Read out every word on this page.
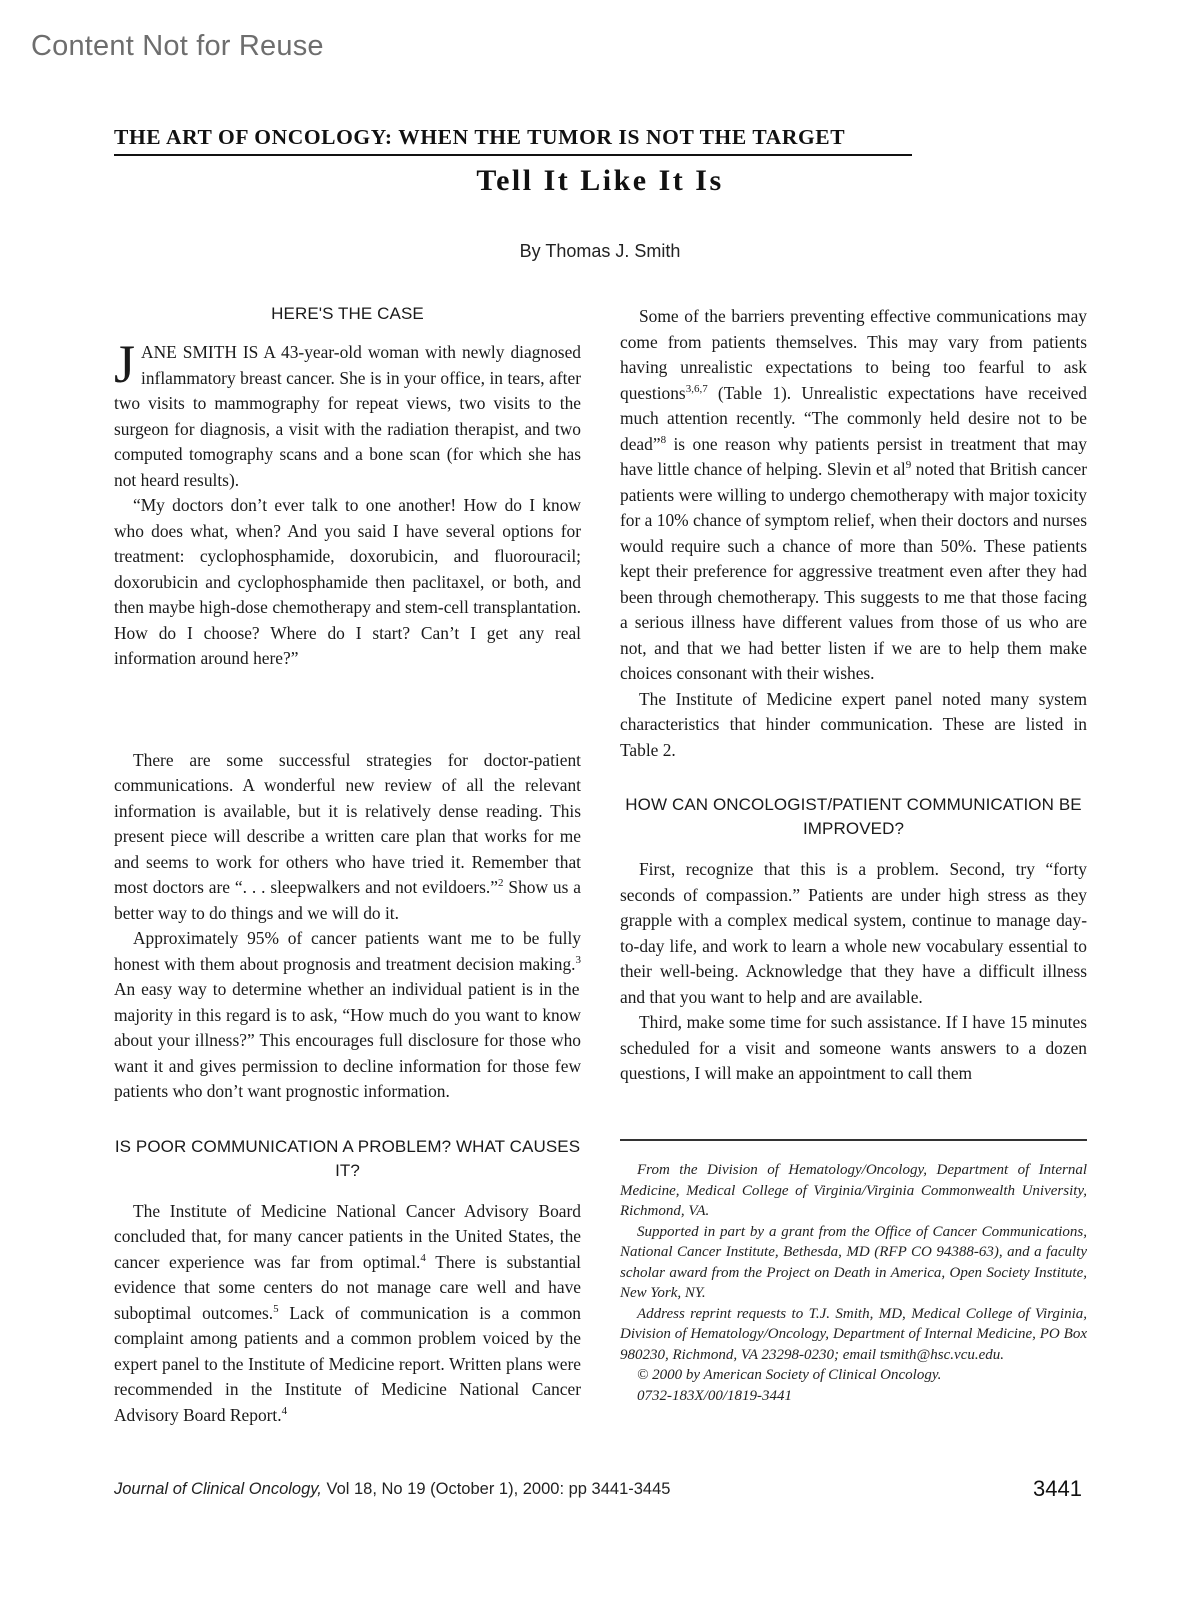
Content Not for Reuse
THE ART OF ONCOLOGY: WHEN THE TUMOR IS NOT THE TARGET
Tell It Like It Is
By Thomas J. Smith
HERE'S THE CASE

JANE SMITH IS A 43-year-old woman with newly diagnosed inflammatory breast cancer. She is in your office, in tears, after two visits to mammography for repeat views, two visits to the surgeon for diagnosis, a visit with the radiation therapist, and two computed tomography scans and a bone scan (for which she has not heard results).

“My doctors don’t ever talk to one another! How do I know who does what, when? And you said I have several options for treatment: cyclophosphamide, doxorubicin, and fluorouracil; doxorubicin and cyclophosphamide then paclitaxel, or both, and then maybe high-dose chemotherapy and stem-cell transplantation. How do I choose? Where do I start? Can’t I get any real information around here?”

There are some successful strategies for doctor-patient communications. A wonderful new review of all the relevant information is available, but it is relatively dense reading. This present piece will describe a written care plan that works for me and seems to work for others who have tried it. Remember that most doctors are “. . . sleepwalkers and not evildoers.”$^2$ Show us a better way to do things and we will do it.

Approximately 95% of cancer patients want me to be fully honest with them about prognosis and treatment decision making.$^3$ An easy way to determine whether an individual patient is in the majority in this regard is to ask, “How much do you want to know about your illness?” This encourages full disclosure for those who want it and gives permission to decline information for those few patients who don’t want prognostic information.

IS POOR COMMUNICATION A PROBLEM? WHAT CAUSES IT?

The Institute of Medicine National Cancer Advisory Board concluded that, for many cancer patients in the United States, the cancer experience was far from optimal.$^4$ There is substantial evidence that some centers do not manage care well and have suboptimal outcomes.$^5$ Lack of communication is a common complaint among patients and a common problem voiced by the expert panel to the Institute of Medicine report. Written plans were recommended in the Institute of Medicine National Cancer Advisory Board Report.$^4$

Some of the barriers preventing effective communications may come from patients themselves. This may vary from patients having unrealistic expectations to being too fearful to ask questions$^{3,6,7}$ (Table 1). Unrealistic expectations have received much attention recently. “The commonly held desire not to be dead”$^8$ is one reason why patients persist in treatment that may have little chance of helping. Slevin et $al^9$ noted that British cancer patients were willing to undergo chemotherapy with major toxicity for a 10% chance of symptom relief, when their doctors and nurses would require such a chance of more than 50%. These patients kept their preference for aggressive treatment even after they had been through chemotherapy. This suggests to me that those facing a serious illness have different values from those of us who are not, and that we had better listen if we are to help them make choices consonant with their wishes.

The Institute of Medicine expert panel noted many system characteristics that hinder communication. These are listed in Table 2.

HOW CAN ONCOLOGIST/PATIENT COMMUNICATION BE IMPROVED?

First, recognize that this is a problem. Second, try “forty seconds of compassion.” Patients are under high stress as they grapple with a complex medical system, continue to manage day-to-day life, and work to learn a whole new vocabulary essential to their well-being. Acknowledge that they have a difficult illness and that you want to help and are available.

Third, make some time for such assistance. If I have 15 minutes scheduled for a visit and someone wants answers to a dozen questions, I will make an appointment to call them

From the Division of Hematology/Oncology, Department of Internal Medicine, Medical College of Virginia/Virginia Commonwealth University, Richmond, VA.

Supported in part by a grant from the Office of Cancer Communications, National Cancer Institute, Bethesda, MD (RFP CO 94388-63), and a faculty scholar award from the Project on Death in America, Open Society Institute, New York, NY.

Address reprint requests to T.J. Smith, MD, Medical College of Virginia, Division of Hematology/Oncology, Department of Internal Medicine, PO Box 980230, Richmond, VA 23298-0230; email tsmith@hsc.vcu.edu.

© 2000 by American Society of Clinical Oncology.

0732-183X/00/1819-3441

Journal of Clinical Oncology, Vol 18, No 19 (October 1), 2000: pp 3441-3445	3441
